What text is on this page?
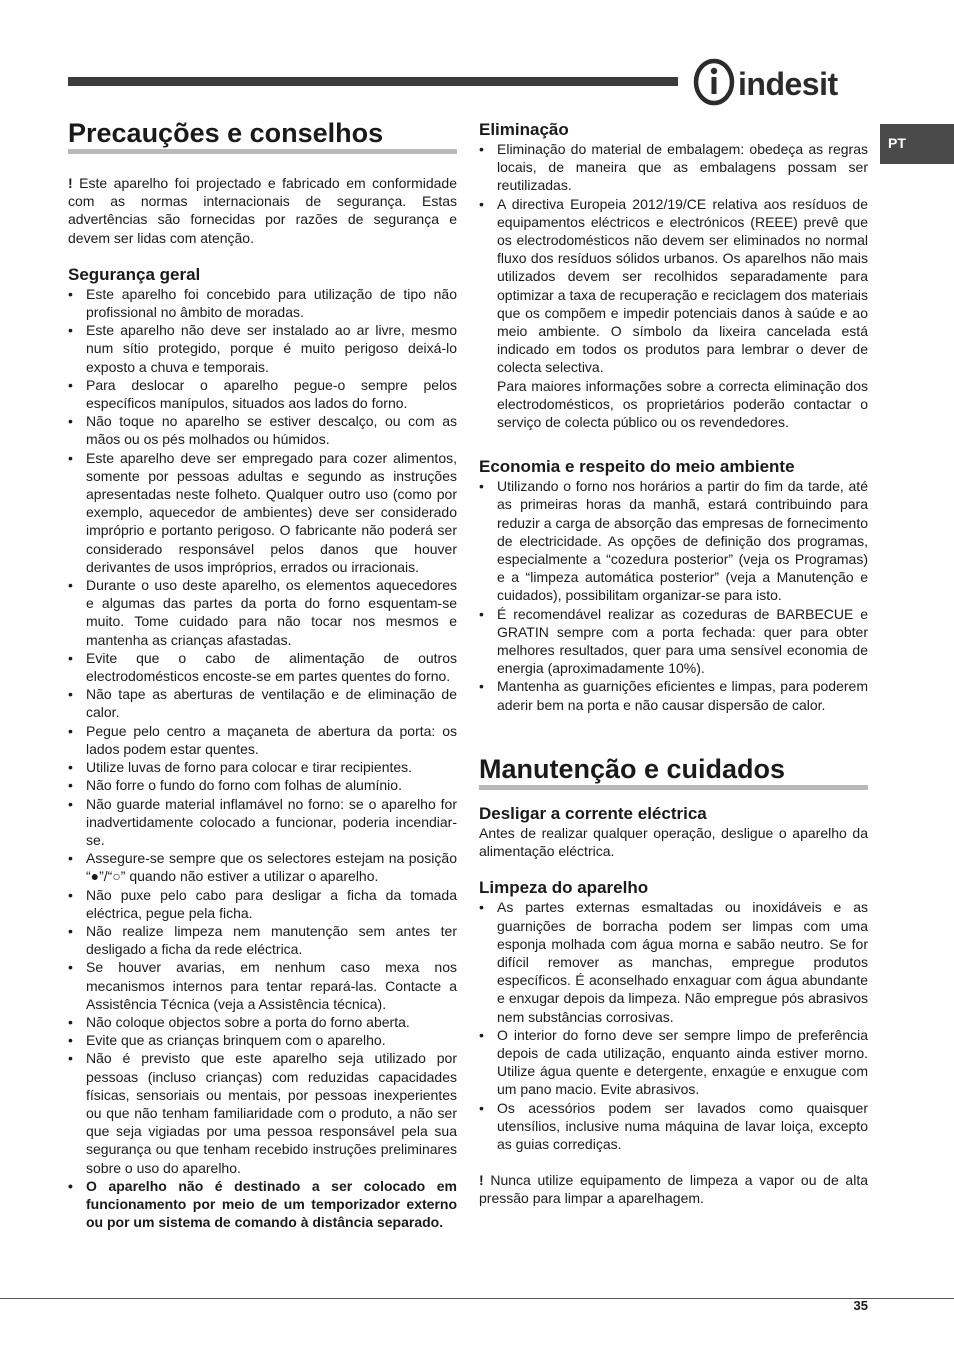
indesit
PT
Precauções e conselhos

! Este aparelho foi projectado e fabricado em conformidade com as normas internacionais de segurança. Estas advertências são fornecidas por razões de segurança e devem ser lidas com atenção.

Segurança geral
• Este aparelho foi concebido para utilização de tipo não profissional no âmbito de moradas.
• Este aparelho não deve ser instalado ao ar livre, mesmo num sítio protegido, porque é muito perigoso deixá-lo exposto a chuva e temporais.
• Para deslocar o aparelho pegue-o sempre pelos específicos manípulos, situados aos lados do forno.
• Não toque no aparelho se estiver descalço, ou com as mãos ou os pés molhados ou húmidos.
• Este aparelho deve ser empregado para cozer alimentos, somente por pessoas adultas e segundo as instruções apresentadas neste folheto. Qualquer outro uso (como por exemplo, aquecedor de ambientes) deve ser considerado impróprio e portanto perigoso. O fabricante não poderá ser considerado responsável pelos danos que houver derivantes de usos impróprios, errados ou irracionais.
• Durante o uso deste aparelho, os elementos aquecedores e algumas das partes da porta do forno esquentam-se muito. Tome cuidado para não tocar nos mesmos e mantenha as crianças afastadas.
• Evite que o cabo de alimentação de outros electrodomésticos encoste-se em partes quentes do forno.
• Não tape as aberturas de ventilação e de eliminação de calor.
• Pegue pelo centro a maçaneta de abertura da porta: os lados podem estar quentes.
• Utilize luvas de forno para colocar e tirar recipientes.
• Não forre o fundo do forno com folhas de alumínio.
• Não guarde material inflamável no forno: se o aparelho for inadvertidamente colocado a funcionar, poderia incendiar-se.
• Assegure-se sempre que os selectores estejam na posição “●”/“○” quando não estiver a utilizar o aparelho.
• Não puxe pelo cabo para desligar a ficha da tomada eléctrica, pegue pela ficha.
• Não realize limpeza nem manutenção sem antes ter desligado a ficha da rede eléctrica.
• Se houver avarias, em nenhum caso mexa nos mecanismos internos para tentar repará-las. Contacte a Assistência Técnica (veja a Assistência técnica).
• Não coloque objectos sobre a porta do forno aberta.
• Evite que as crianças brinquem com o aparelho.
• Não é previsto que este aparelho seja utilizado por pessoas (incluso crianças) com reduzidas capacidades físicas, sensoriais ou mentais, por pessoas inexperientes ou que não tenham familiaridade com o produto, a não ser que seja vigiadas por uma pessoa responsável pela sua segurança ou que tenham recebido instruções preliminares sobre o uso do aparelho.
• O aparelho não é destinado a ser colocado em funcionamento por meio de um temporizador externo ou por um sistema de comando à distância separado.
Eliminação
• Eliminação do material de embalagem: obedeça as regras locais, de maneira que as embalagens possam ser reutilizadas.
• A directiva Europeia 2012/19/CE relativa aos resíduos de equipamentos eléctricos e electrónicos (REEE) prevê que os electrodomésticos não devem ser eliminados no normal fluxo dos resíduos sólidos urbanos. Os aparelhos não mais utilizados devem ser recolhidos separadamente para optimizar a taxa de recuperação e reciclagem dos materiais que os compõem e impedir potenciais danos à saúde e ao meio ambiente. O símbolo da lixeira cancelada está indicado em todos os produtos para lembrar o dever de colecta selectiva.

Para maiores informações sobre a correcta eliminação dos electrodomésticos, os proprietários poderão contactar o serviço de colecta público ou os revendedores.

Economia e respeito do meio ambiente
• Utilizando o forno nos horários a partir do fim da tarde, até as primeiras horas da manhã, estará contribuindo para reduzir a carga de absorção das empresas de fornecimento de electricidade. As opções de definição dos programas, especialmente a “cozedura posterior” (veja os Programas) e a “limpeza automática posterior” (veja a Manutenção e cuidados), possibilitam organizar-se para isto.
• É recomendável realizar as cozeduras de BARBECUE e GRATIN sempre com a porta fechada: quer para obter melhores resultados, quer para uma sensível economia de energia (aproximadamente 10%).
• Mantenha as guarnições eficientes e limpas, para poderem aderir bem na porta e não causar dispersão de calor.
Manutenção e cuidados
Desligar a corrente eléctrica

Antes de realizar qualquer operação, desligue o aparelho da alimentação eléctrica.

Limpeza do aparelho
• As partes externas esmaltadas ou inoxidáveis e as guarnições de borracha podem ser limpas com uma esponja molhada com água morna e sabão neutro. Se for difícil remover as manchas, empregue produtos específicos. É aconselhado enxaguar com água abundante e enxugar depois da limpeza. Não empregue pós abrasivos nem substâncias corrosivas.
• O interior do forno deve ser sempre limpo de preferência depois de cada utilização, enquanto ainda estiver morno. Utilize água quente e detergente, enxagúe e enxugue com um pano macio. Evite abrasivos.
• Os acessórios podem ser lavados como quaisquer utensílios, inclusive numa máquina de lavar loiça, excepto as guias corrediças.

! Nunca utilize equipamento de limpeza a vapor ou de alta pressão para limpar a aparelhagem.

35
